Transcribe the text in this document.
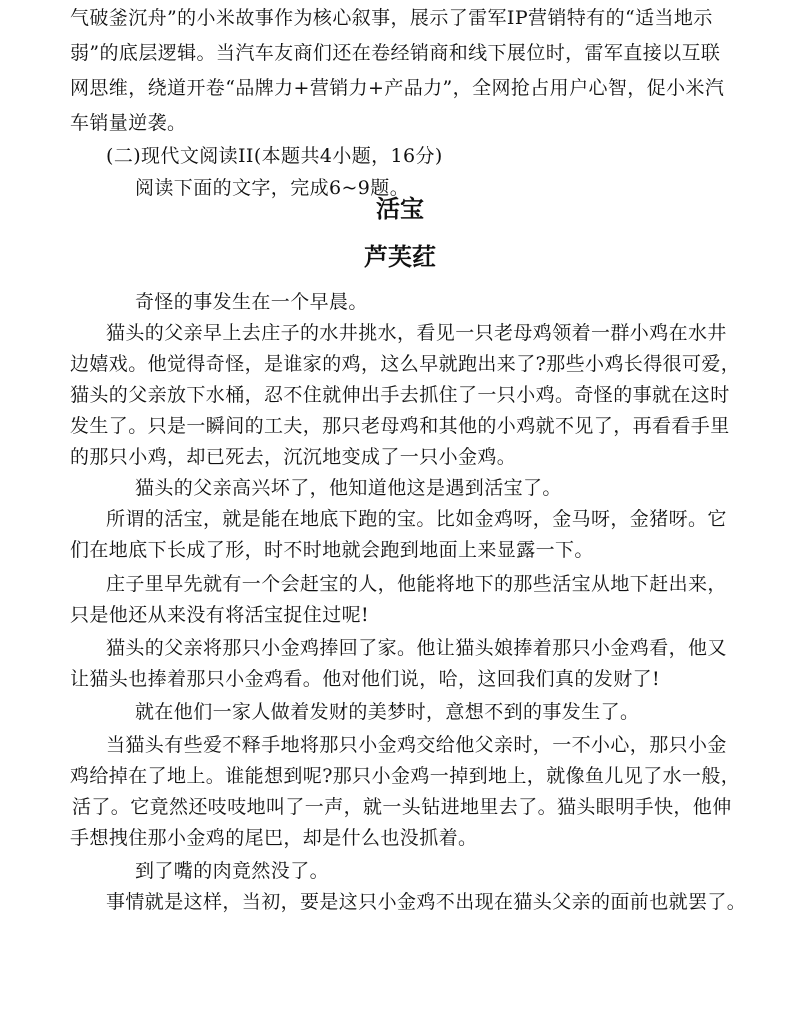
气破釜沉舟”的小米故事作为核心叙事，展示了雷军IP营销特有的“适当地示
弱”的底层逻辑。当汽车友商们还在卷经销商和线下展位时，雷军直接以互联
网思维，绕道开卷“品牌力+营销力+产品力”，全网抢占用户心智，促小米汽
车销量逆袭。
(二)现代文阅读II(本题共4小题，16分)
阅读下面的文字，完成6~9题。
活宝
芦芙荭
奇怪的事发生在一个早晨。
猫头的父亲早上去庄子的水井挑水，看见一只老母鸡领着一群小鸡在水井
边嬉戏。他觉得奇怪，是谁家的鸡，这么早就跑出来了?那些小鸡长得很可爱，
猫头的父亲放下水桶，忍不住就伸出手去抓住了一只小鸡。奇怪的事就在这时
发生了。只是一瞬间的工夫，那只老母鸡和其他的小鸡就不见了，再看看手里
的那只小鸡，却已死去，沉沉地变成了一只小金鸡。
猫头的父亲高兴坏了，他知道他这是遇到活宝了。
所谓的活宝，就是能在地底下跑的宝。比如金鸡呀，金马呀，金猪呀。它
们在地底下长成了形，时不时地就会跑到地面上来显露一下。
庄子里早先就有一个会赶宝的人，他能将地下的那些活宝从地下赶出来，
只是他还从来没有将活宝捉住过呢!
猫头的父亲将那只小金鸡捧回了家。他让猫头娘捧着那只小金鸡看，他又
让猫头也捧着那只小金鸡看。他对他们说，哈，这回我们真的发财了!
就在他们一家人做着发财的美梦时，意想不到的事发生了。
当猫头有些爱不释手地将那只小金鸡交给他父亲时，一不小心，那只小金
鸡给掉在了地上。谁能想到呢?那只小金鸡一掉到地上，就像鱼儿见了水一般，
活了。它竟然还吱吱地叫了一声，就一头钻进地里去了。猫头眼明手快，他伸
手想拽住那小金鸡的尾巴，却是什么也没抓着。
到了嘴的肉竟然没了。
事情就是这样，当初，要是这只小金鸡不出现在猫头父亲的面前也就罢了。
